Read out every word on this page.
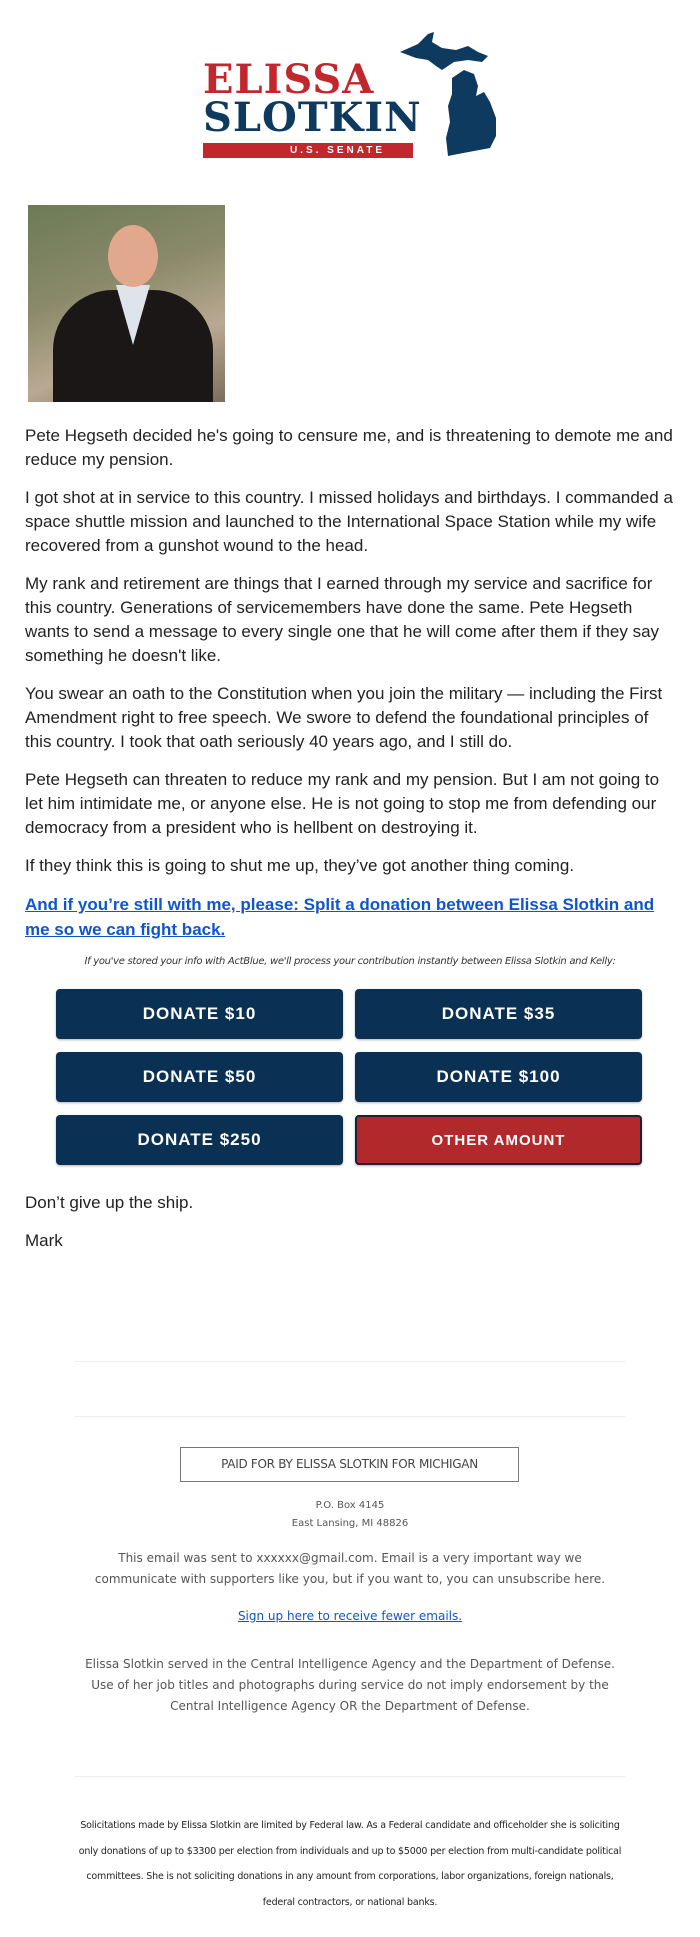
ELISSA
SLOTKIN
U.S. SENATE

Pete Hegseth decided he's going to censure me, and is threatening to demote me and reduce my pension.

I got shot at in service to this country. I missed holidays and birthdays. I commanded a space shuttle mission and launched to the International Space Station while my wife recovered from a gunshot wound to the head.

My rank and retirement are things that I earned through my service and sacrifice for this country. Generations of servicemembers have done the same. Pete Hegseth wants to send a message to every single one that he will come after them if they say something he doesn't like.

You swear an oath to the Constitution when you join the military — including the First Amendment right to free speech. We swore to defend the foundational principles of this country. I took that oath seriously 40 years ago, and I still do.

Pete Hegseth can threaten to reduce my rank and my pension. But I am not going to let him intimidate me, or anyone else. He is not going to stop me from defending our democracy from a president who is hellbent on destroying it.

If they think this is going to shut me up, they’ve got another thing coming.

And if you’re still with me, please: Split a donation between Elissa Slotkin and me so we can fight back.
If you've stored your info with ActBlue, we'll process your contribution instantly between Elissa Slotkin and Kelly:
DONATE $10	DONATE $35
DONATE $50	DONATE $100
DONATE $250	OTHER AMOUNT

Don’t give up the ship.

Mark

PAID FOR BY ELISSA SLOTKIN FOR MICHIGAN
P.O. Box 4145
East Lansing, MI 48826
This email was sent to xxxxxx@gmail.com. Email is a very important way we communicate with supporters like you, but if you want to, you can unsubscribe here.
Sign up here to receive fewer emails.
Elissa Slotkin served in the Central Intelligence Agency and the Department of Defense. Use of her job titles and photographs during service do not imply endorsement by the Central Intelligence Agency OR the Department of Defense.
Solicitations made by Elissa Slotkin are limited by Federal law. As a Federal candidate and officeholder she is soliciting only donations of up to $3300 per election from individuals and up to $5000 per election from multi-candidate political committees. She is not soliciting donations in any amount from corporations, labor organizations, foreign nationals, federal contractors, or national banks.
